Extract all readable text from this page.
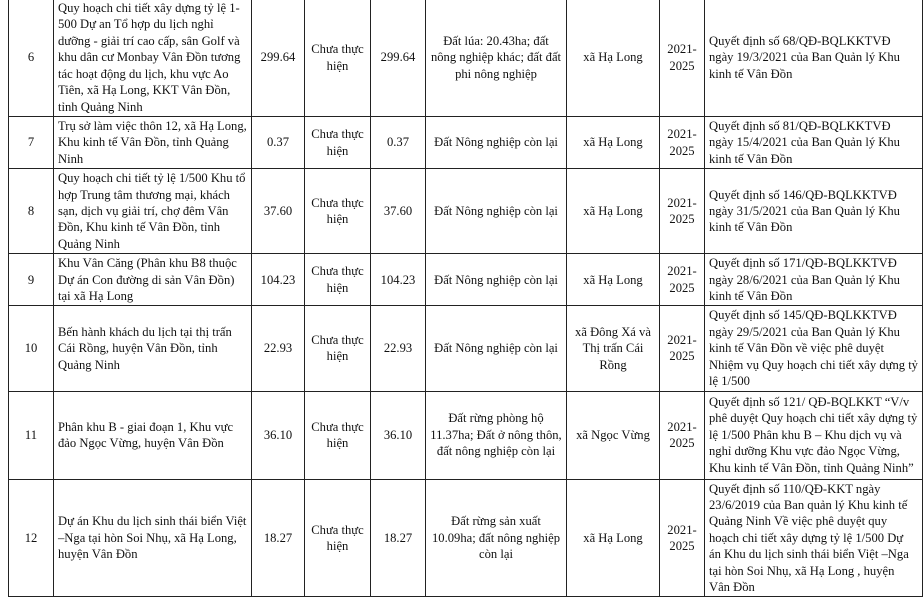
6	Quy hoạch chi tiết xây dựng tỷ lệ 1-500 Dự an Tổ hợp du lịch nghỉ dưỡng - giải trí cao cấp, sân Golf và khu dân cư Monbay Vân Đồn tương tác hoạt động du lịch, khu vực Ao Tiên, xã Hạ Long, KKT Vân Đồn, tỉnh Quảng Ninh	299.64	Chưa thực hiện	299.64	Đất lúa: 20.43ha; đất nông nghiệp khác; đất đất phi nông nghiệp	xã Hạ Long	2021-2025	Quyết định số 68/QĐ-BQLKKTVĐ ngày 19/3/2021 của Ban Quản lý Khu kinh tế Vân Đồn
7	Trụ sở làm việc thôn 12, xã Hạ Long, Khu kinh tế Vân Đồn, tỉnh Quảng Ninh	0.37	Chưa thực hiện	0.37	Đất Nông nghiệp còn lại	xã Hạ Long	2021-2025	Quyết định số 81/QĐ-BQLKKTVĐ ngày 15/4/2021 của Ban Quản lý Khu kinh tế Vân Đồn
8	Quy hoạch chi tiết tỷ lệ 1/500 Khu tổ hợp Trung tâm thương mại, khách sạn, dịch vụ giải trí, chợ đêm Vân Đồn, Khu kinh tế Vân Đồn, tỉnh Quảng Ninh	37.60	Chưa thực hiện	37.60	Đất Nông nghiệp còn lại	xã Hạ Long	2021-2025	Quyết định số 146/QĐ-BQLKKTVĐ ngày 31/5/2021 của Ban Quản lý Khu kinh tế Vân Đồn
9	Khu Vân Căng (Phân khu B8 thuộc Dự án Con đường di sản Vân Đồn) tại xã Hạ Long	104.23	Chưa thực hiện	104.23	Đất Nông nghiệp còn lại	xã Hạ Long	2021-2025	Quyết định số 171/QĐ-BQLKKTVĐ ngày 28/6/2021 của Ban Quản lý Khu kinh tế Vân Đồn
10	Bến hành khách du lịch tại thị trấn Cái Rồng, huyện Vân Đồn, tỉnh Quảng Ninh	22.93	Chưa thực hiện	22.93	Đất Nông nghiệp còn lại	xã Đông Xá và Thị trấn Cái Rồng	2021-2025	Quyết định số 145/QĐ-BQLKKTVĐ ngày 29/5/2021 của Ban Quản lý Khu kinh tế Vân Đồn về việc phê duyệt Nhiệm vụ Quy hoạch chi tiết xây dựng tỷ lệ 1/500
11	Phân khu B - giai đoạn 1, Khu vực đảo Ngọc Vừng, huyện Vân Đồn	36.10	Chưa thực hiện	36.10	Đất rừng phòng hộ 11.37ha; Đất ở nông thôn, đất nông nghiệp còn lại	xã Ngọc Vừng	2021-2025	Quyết định số 121/ QĐ-BQLKKT “V/v phê duyệt Quy hoạch chi tiết xây dựng tỷ lệ 1/500 Phân khu B – Khu dịch vụ và nghỉ dưỡng Khu vực đảo Ngọc Vừng, Khu kinh tế Vân Đồn, tỉnh Quảng Ninh”
12	Dự án Khu du lịch sinh thái biển Việt –Nga tại hòn Soi Nhụ, xã Hạ Long, huyện Vân Đồn	18.27	Chưa thực hiện	18.27	Đất rừng sản xuất 10.09ha; đất nông nghiệp còn lại	xã Hạ Long	2021-2025	Quyết định số 110/QĐ-KKT ngày 23/6/2019 của Ban quản lý Khu kinh tế Quảng Ninh Về việc phê duyệt quy hoạch chi tiết xây dựng tỷ lệ 1/500 Dự án Khu du lịch sinh thái biển Việt –Nga tại hòn Soi Nhụ, xã Hạ Long , huyện Vân Đồn
